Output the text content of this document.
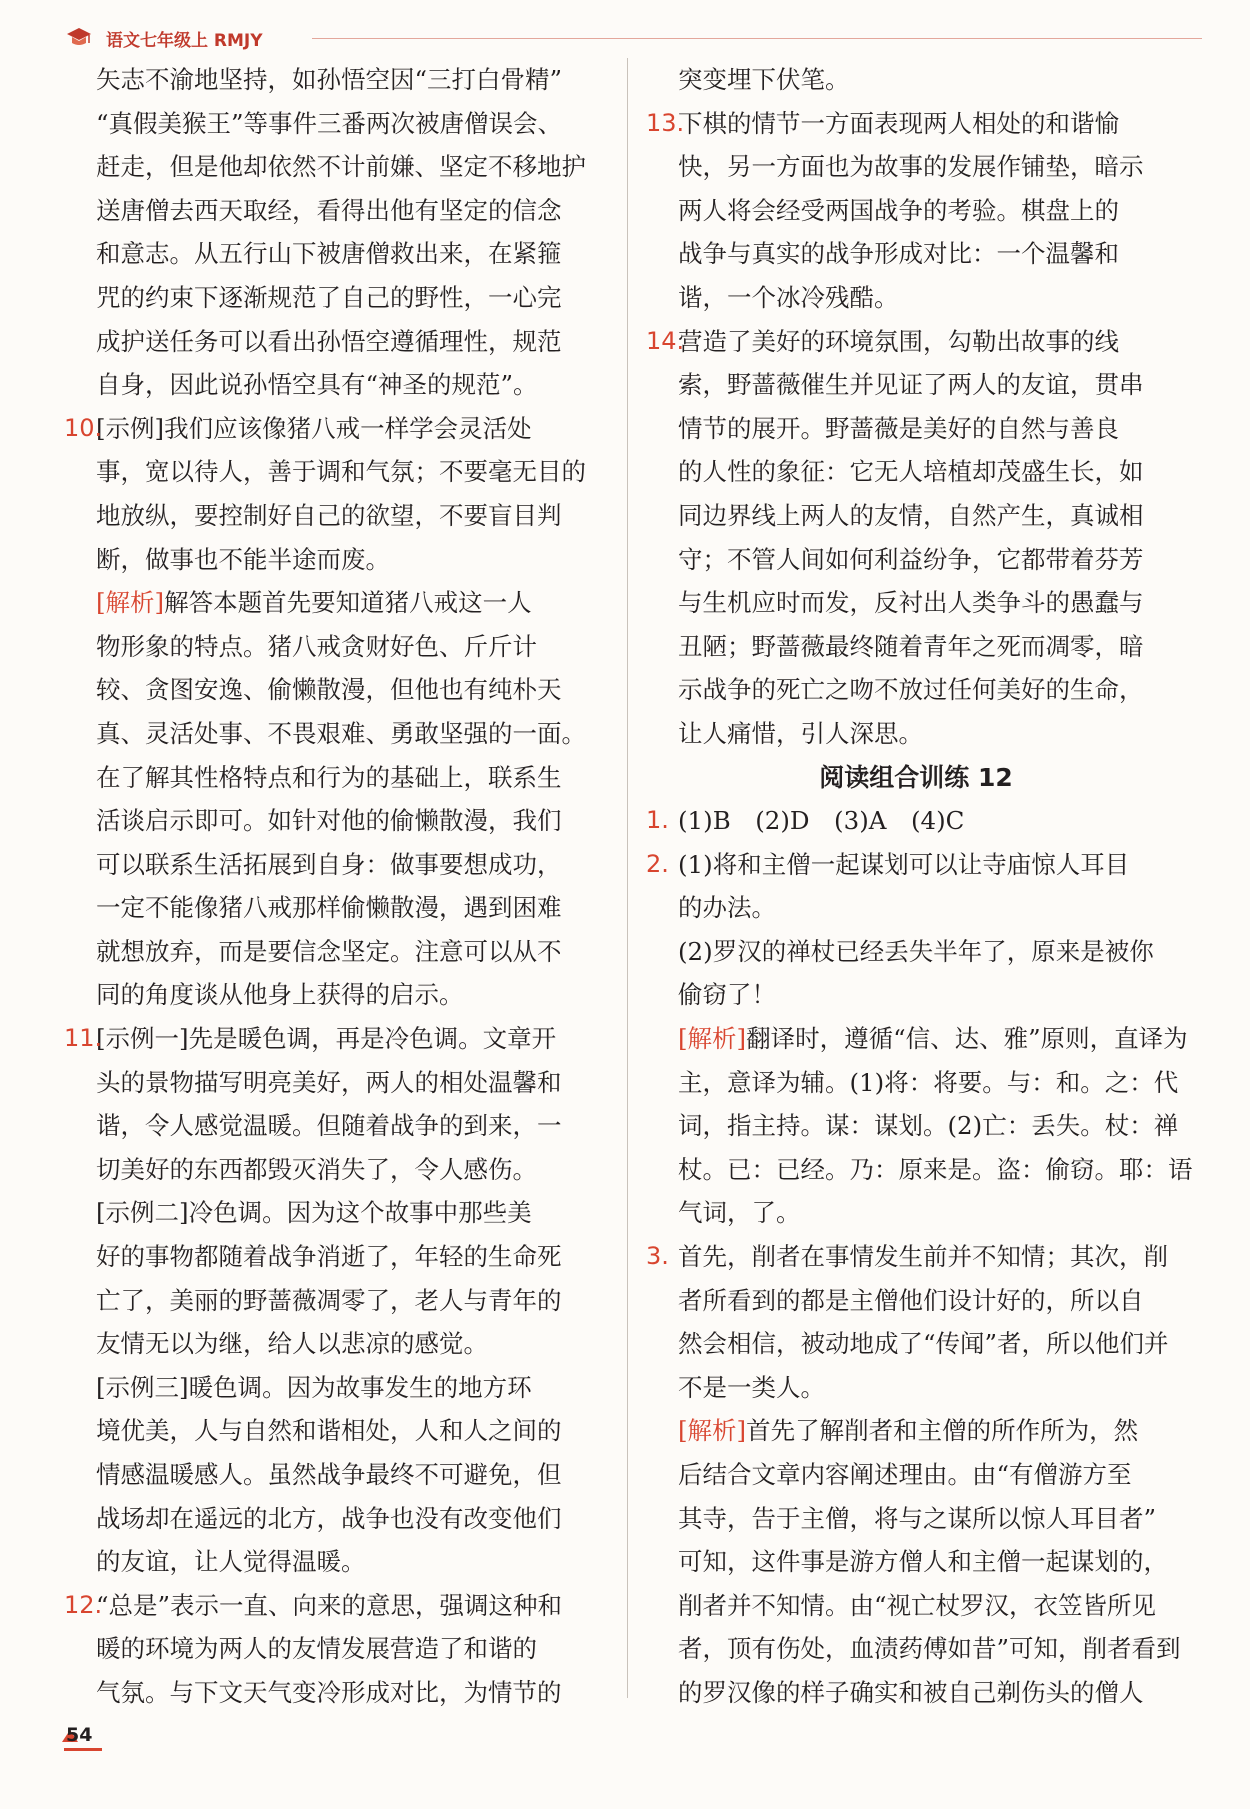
语文七年级上 RMJY
矢志不渝地坚持，如孙悟空因“三打白骨精”
“真假美猴王”等事件三番两次被唐僧误会、
赶走，但是他却依然不计前嫌、坚定不移地护
送唐僧去西天取经，看得出他有坚定的信念
和意志。从五行山下被唐僧救出来，在紧箍
咒的约束下逐渐规范了自己的野性，一心完
成护送任务可以看出孙悟空遵循理性，规范
自身，因此说孙悟空具有“神圣的规范”。
10.
[示例]我们应该像猪八戒一样学会灵活处
事，宽以待人，善于调和气氛；不要毫无目的
地放纵，要控制好自己的欲望，不要盲目判
断，做事也不能半途而废。
[解析]解答本题首先要知道猪八戒这一人
物形象的特点。猪八戒贪财好色、斤斤计
较、贪图安逸、偷懒散漫，但他也有纯朴天
真、灵活处事、不畏艰难、勇敢坚强的一面。
在了解其性格特点和行为的基础上，联系生
活谈启示即可。如针对他的偷懒散漫，我们
可以联系生活拓展到自身：做事要想成功，
一定不能像猪八戒那样偷懒散漫，遇到困难
就想放弃，而是要信念坚定。注意可以从不
同的角度谈从他身上获得的启示。
11.
[示例一]先是暖色调，再是冷色调。文章开
头的景物描写明亮美好，两人的相处温馨和
谐，令人感觉温暖。但随着战争的到来，一
切美好的东西都毁灭消失了，令人感伤。
[示例二]冷色调。因为这个故事中那些美
好的事物都随着战争消逝了，年轻的生命死
亡了，美丽的野蔷薇凋零了，老人与青年的
友情无以为继，给人以悲凉的感觉。
[示例三]暖色调。因为故事发生的地方环
境优美，人与自然和谐相处，人和人之间的
情感温暖感人。虽然战争最终不可避免，但
战场却在遥远的北方，战争也没有改变他们
的友谊，让人觉得温暖。
12.
“总是”表示一直、向来的意思，强调这种和
暖的环境为两人的友情发展营造了和谐的
气氛。与下文天气变冷形成对比，为情节的
突变埋下伏笔。
13.
下棋的情节一方面表现两人相处的和谐愉
快，另一方面也为故事的发展作铺垫，暗示
两人将会经受两国战争的考验。棋盘上的
战争与真实的战争形成对比：一个温馨和
谐，一个冰冷残酷。
14.
营造了美好的环境氛围，勾勒出故事的线
索，野蔷薇催生并见证了两人的友谊，贯串
情节的展开。野蔷薇是美好的自然与善良
的人性的象征：它无人培植却茂盛生长，如
同边界线上两人的友情，自然产生，真诚相
守；不管人间如何利益纷争，它都带着芬芳
与生机应时而发，反衬出人类争斗的愚蠢与
丑陋；野蔷薇最终随着青年之死而凋零，暗
示战争的死亡之吻不放过任何美好的生命，
让人痛惜，引人深思。
阅读组合训练 12
1. (1)B　(2)D　(3)A　(4)C
2. (1)将和主僧一起谋划可以让寺庙惊人耳目
的办法。
(2)罗汉的禅杖已经丢失半年了，原来是被你
偷窃了！
[解析]翻译时，遵循“信、达、雅”原则，直译为
主，意译为辅。(1)将：将要。与：和。之：代
词，指主持。谋：谋划。(2)亡：丢失。杖：禅
杖。已：已经。乃：原来是。盗：偷窃。耶：语
气词，了。
3. 首先，削者在事情发生前并不知情；其次，削
者所看到的都是主僧他们设计好的，所以自
然会相信，被动地成了“传闻”者，所以他们并
不是一类人。
[解析]首先了解削者和主僧的所作所为，然
后结合文章内容阐述理由。由“有僧游方至
其寺，告于主僧，将与之谋所以惊人耳目者”
可知，这件事是游方僧人和主僧一起谋划的，
削者并不知情。由“视亡杖罗汉，衣笠皆所见
者，顶有伤处，血渍药傅如昔”可知，削者看到
的罗汉像的样子确实和被自己剃伤头的僧人
54
